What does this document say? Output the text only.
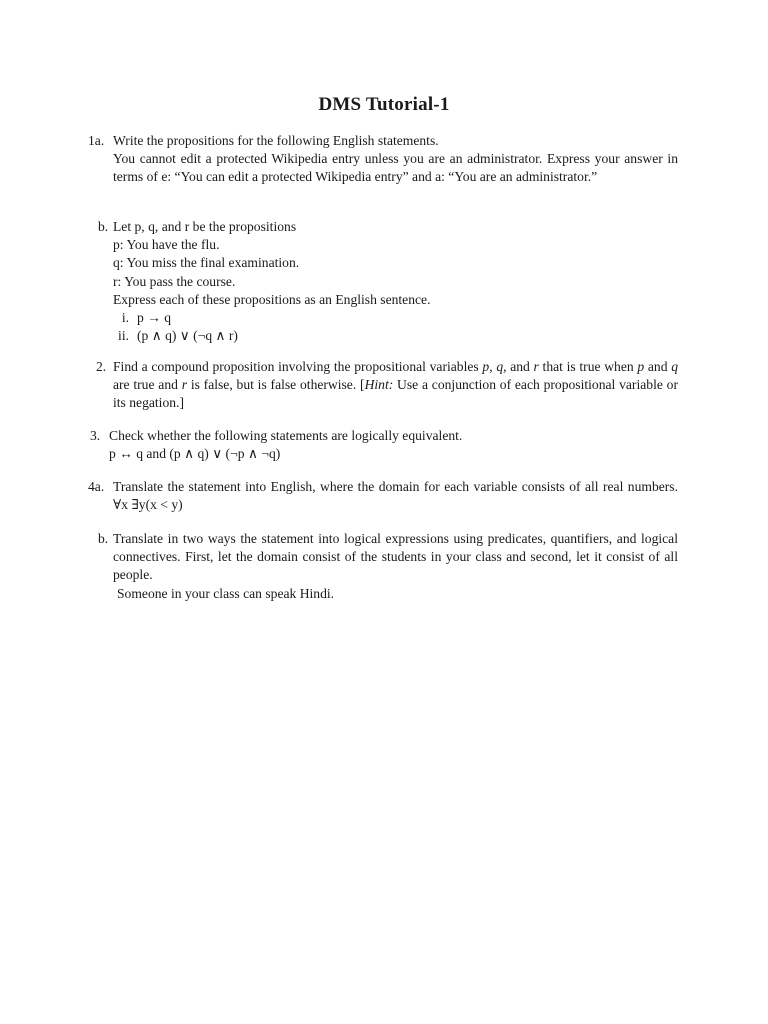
DMS Tutorial-1
1a. Write the propositions for the following English statements.

You cannot edit a protected Wikipedia entry unless you are an administrator. Express your answer in terms of e: “You can edit a protected Wikipedia entry” and a: “You are an administrator.”

b. Let p, q, and r be the propositions

p: You have the flu.

q: You miss the final examination.

r: You pass the course.

Express each of these propositions as an English sentence.

i. p → q

ii. (p ∧ q) ∨ (¬q ∧ r)

2. Find a compound proposition involving the propositional variables p, q, and r that is true when p and q are true and r is false, but is false otherwise. [Hint: Use a conjunction of each propositional variable or its negation.]

3. Check whether the following statements are logically equivalent.

p ↔ q and (p ∧ q) ∨ (¬p ∧ ¬q)

4a. Translate the statement into English, where the domain for each variable consists of all real numbers. ∀x ∃y(x < y)

b. Translate in two ways the statement into logical expressions using predicates, quantifiers, and logical connectives. First, let the domain consist of the students in your class and second, let it consist of all people.

Someone in your class can speak Hindi.
